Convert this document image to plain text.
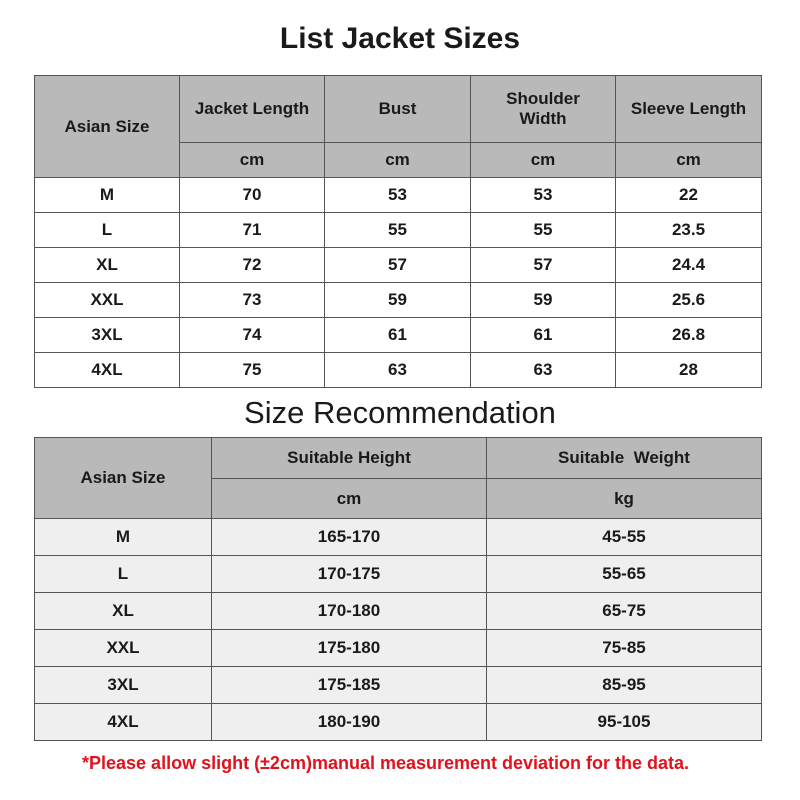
List Jacket Sizes
Asian Size	Jacket Length	Bust	Shoulder Width	Sleeve Length
	cm	cm	cm	cm
M	70	53	53	22
L	71	55	55	23.5
XL	72	57	57	24.4
XXL	73	59	59	25.6
3XL	74	61	61	26.8
4XL	75	63	63	28
Size Recommendation
Asian Size	Suitable Height	Suitable  Weight
	cm	kg
M	165-170	45-55
L	170-175	55-65
XL	170-180	65-75
XXL	175-180	75-85
3XL	175-185	85-95
4XL	180-190	95-105
*Please allow slight (±2cm)manual measurement deviation for the data.
